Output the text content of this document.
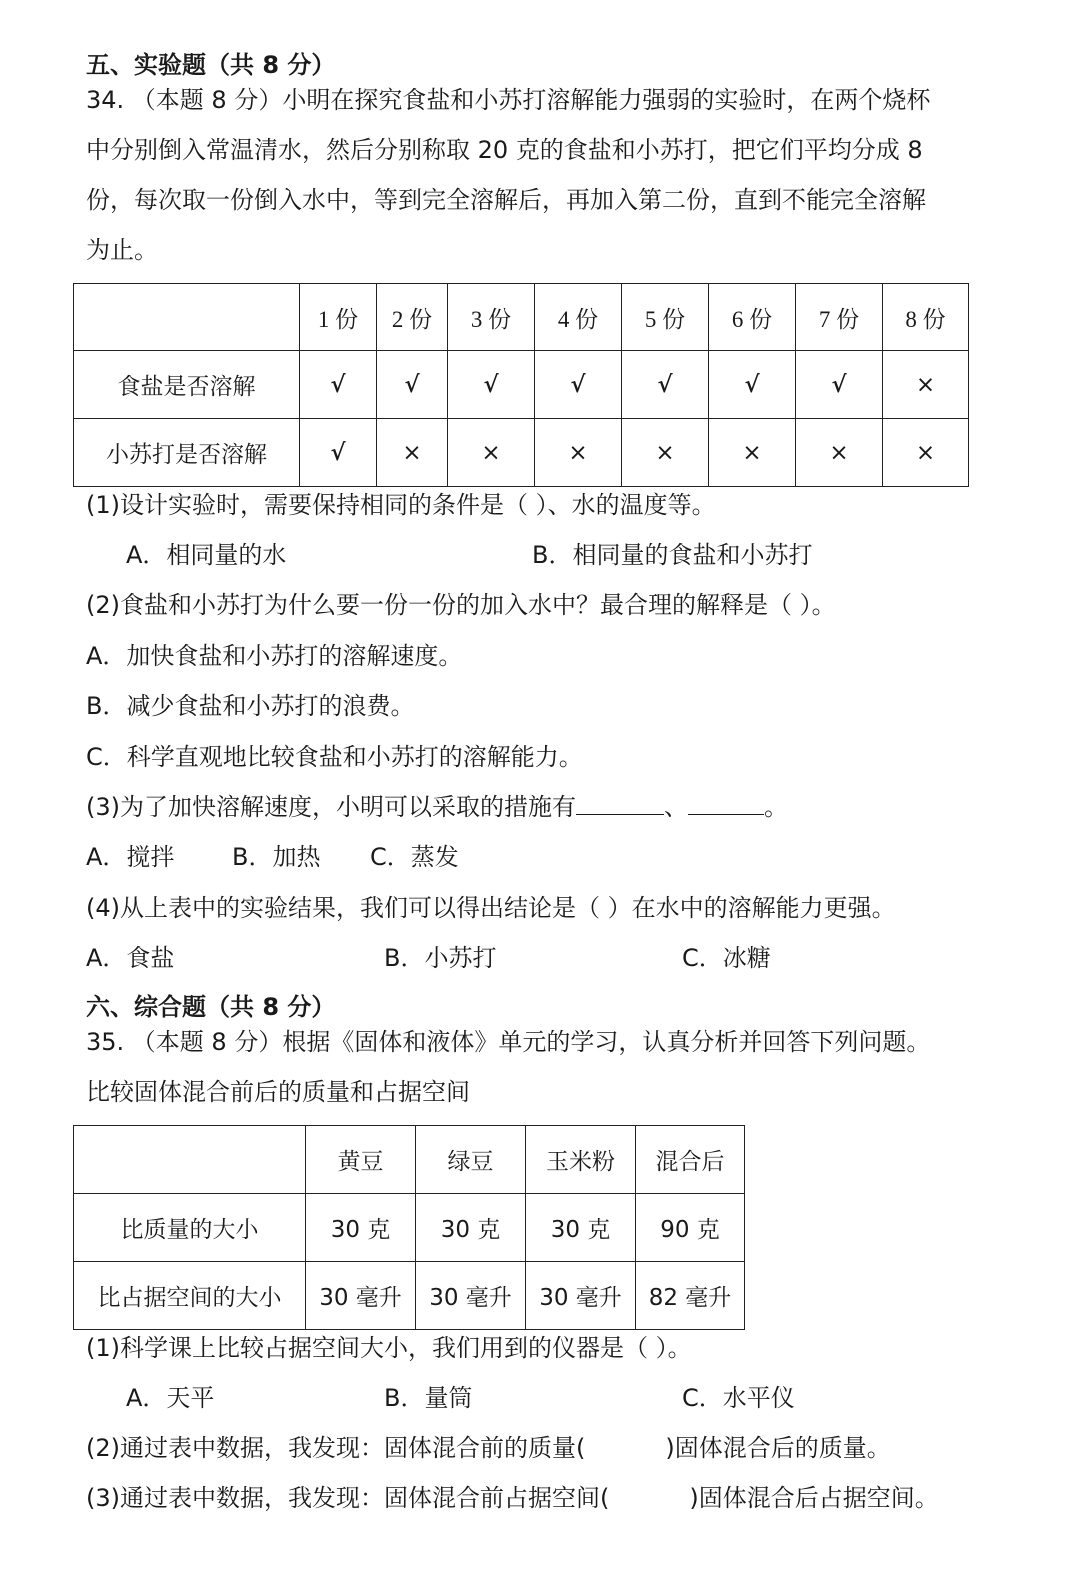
五、实验题（共 8 分）
34. （本题 8 分）小明在探究食盐和小苏打溶解能力强弱的实验时，在两个烧杯
中分别倒入常温清水，然后分别称取 20 克的食盐和小苏打，把它们平均分成 8
份，每次取一份倒入水中，等到完全溶解后，再加入第二份，直到不能完全溶解
为止。
	1 份	2 份	3 份	4 份	5 份	6 份	7 份	8 份
食盐是否溶解	√	√	√	√	√	√	√	×
小苏打是否溶解	√	×	×	×	×	×	×	×
(1)设计实验时，需要保持相同的条件是（ ）、水的温度等。
A．相同量的水	B．相同量的食盐和小苏打
(2)食盐和小苏打为什么要一份一份的加入水中？最合理的解释是（ ）。
A．加快食盐和小苏打的溶解速度。
B．减少食盐和小苏打的浪费。
C．科学直观地比较食盐和小苏打的溶解能力。
(3)为了加快溶解速度，小明可以采取的措施有	、	。
A．搅拌 B．加热 C．蒸发
(4)从上表中的实验结果，我们可以得出结论是（ ）在水中的溶解能力更强。
A．食盐	B．小苏打	C．冰糖
六、综合题（共 8 分）
35. （本题 8 分）根据《固体和液体》单元的学习，认真分析并回答下列问题。
比较固体混合前后的质量和占据空间
	黄豆	绿豆	玉米粉	混合后
比质量的大小	30 克	30 克	30 克	90 克
比占据空间的大小	30 毫升	30 毫升	30 毫升	82 毫升
(1)科学课上比较占据空间大小，我们用到的仪器是（ ）。
A．天平	B．量筒	C．水平仪
(2)通过表中数据，我发现：固体混合前的质量(	)固体混合后的质量。
(3)通过表中数据，我发现：固体混合前占据空间(	)固体混合后占据空间。
